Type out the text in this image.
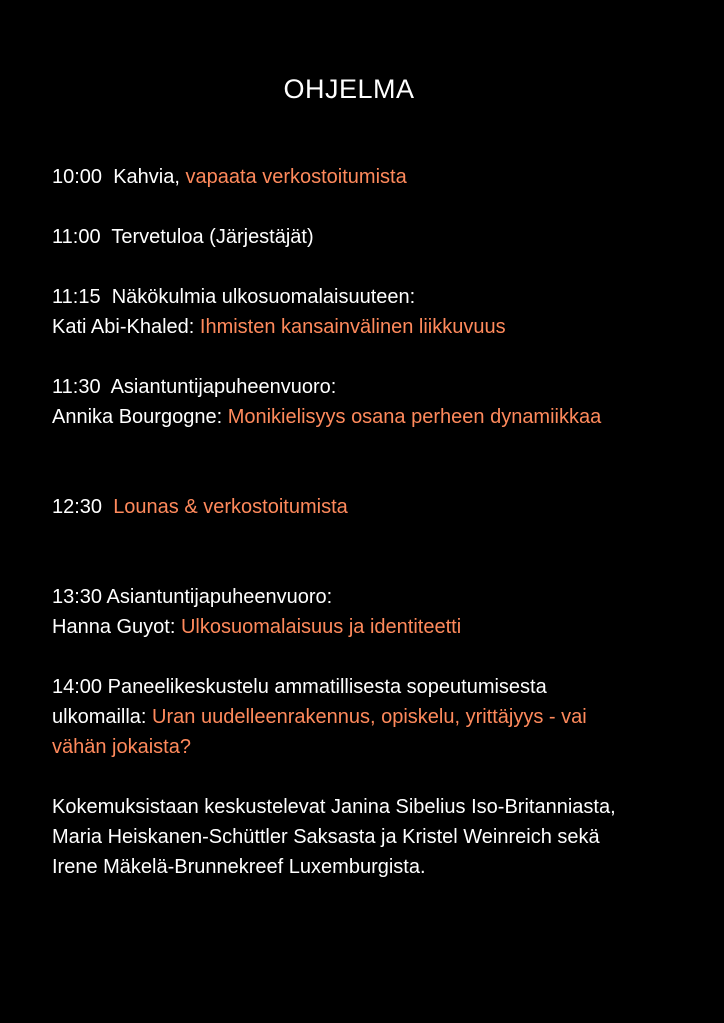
OHJELMA
10:00 Kahvia, vapaata verkostoitumista
11:00 Tervetuloa (Järjestäjät)
11:15 Näkökulmia ulkosuomalaisuuteen:
Kati Abi-Khaled: Ihmisten kansainvälinen liikkuvuus
11:30 Asiantuntijapuheenvuoro:
Annika Bourgogne: Monikielisyys osana perheen dynamiikkaa
12:30 Lounas & verkostoitumista
13:30 Asiantuntijapuheenvuoro:
Hanna Guyot: Ulkosuomalaisuus ja identiteetti
14:00 Paneelikeskustelu ammatillisesta sopeutumisesta
ulkomailla: Uran uudelleenrakennus, opiskelu, yrittäjyys - vai
vähän jokaista?
Kokemuksistaan keskustelevat Janina Sibelius Iso-Britanniasta,
Maria Heiskanen-Schüttler Saksasta ja Kristel Weinreich sekä
Irene Mäkelä-Brunnekreef Luxemburgista.
